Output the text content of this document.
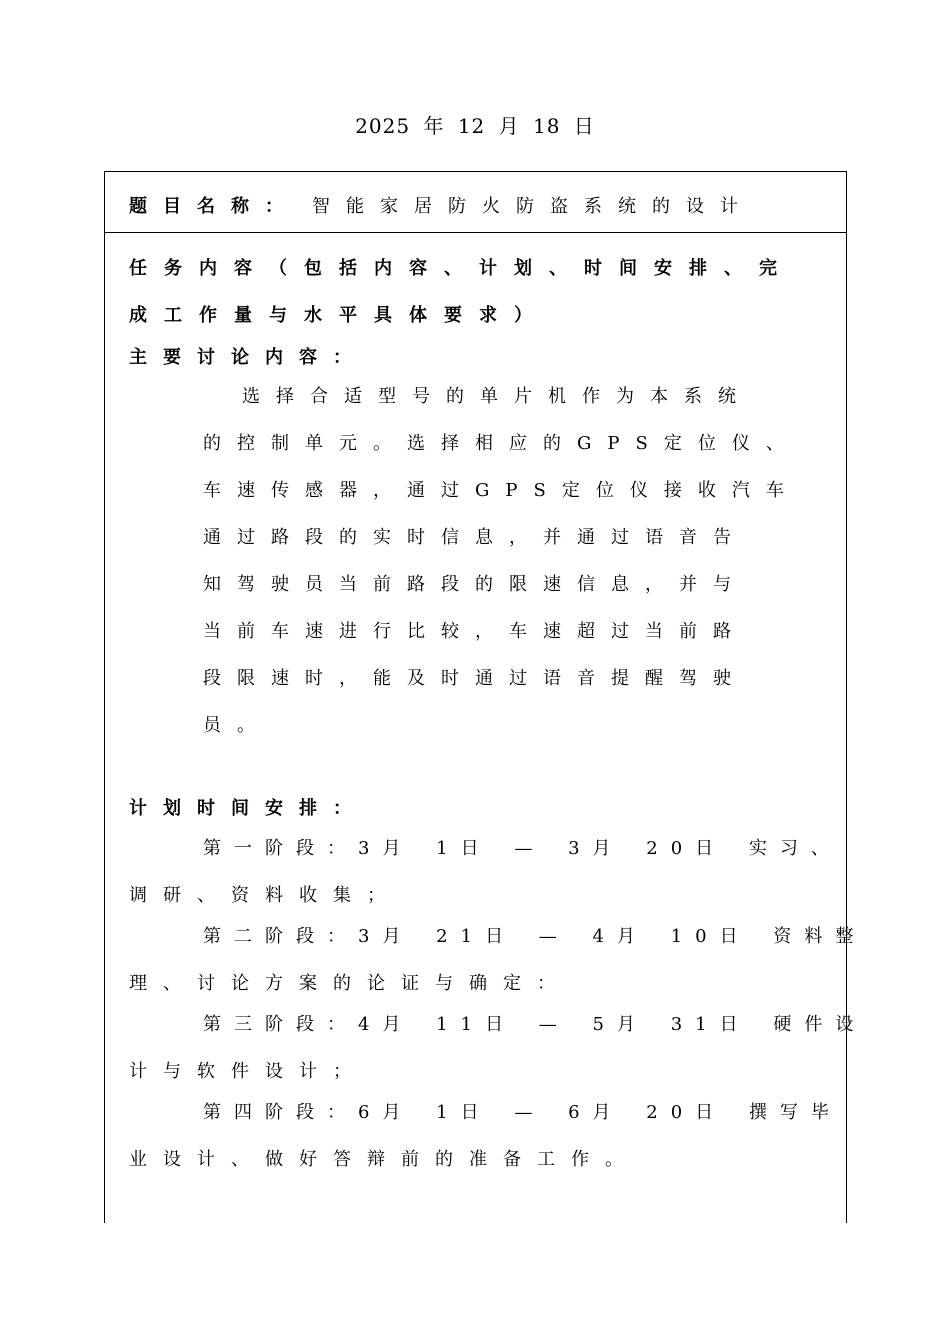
2025 年 12 月 18 日
题目名称： 智能家居防火防盗系统的设计
任务内容（包括内容、计划、时间安排、完
成工作量与水平具体要求）
主要讨论内容：
选择合适型号的单片机作为本系统
的控制单元。选择相应的GPS定位仪、
车速传感器，通过GPS定位仪接收汽车
通过路段的实时信息，并通过语音告
知驾驶员当前路段的限速信息，并与
当前车速进行比较，车速超过当前路
段限速时，能及时通过语音提醒驾驶
员。
计划时间安排：
第一阶段：3月 1日 — 3月 20日 实习、
调研、资料收集；
第二阶段：3月 21日 — 4月 10日 资料整
理、讨论方案的论证与确定：
第三阶段：4月 11日 — 5月 31日 硬件设
计与软件设计；
第四阶段：6月 1日 — 6月 20日 撰写毕
业设计、做好答辩前的准备工作。
